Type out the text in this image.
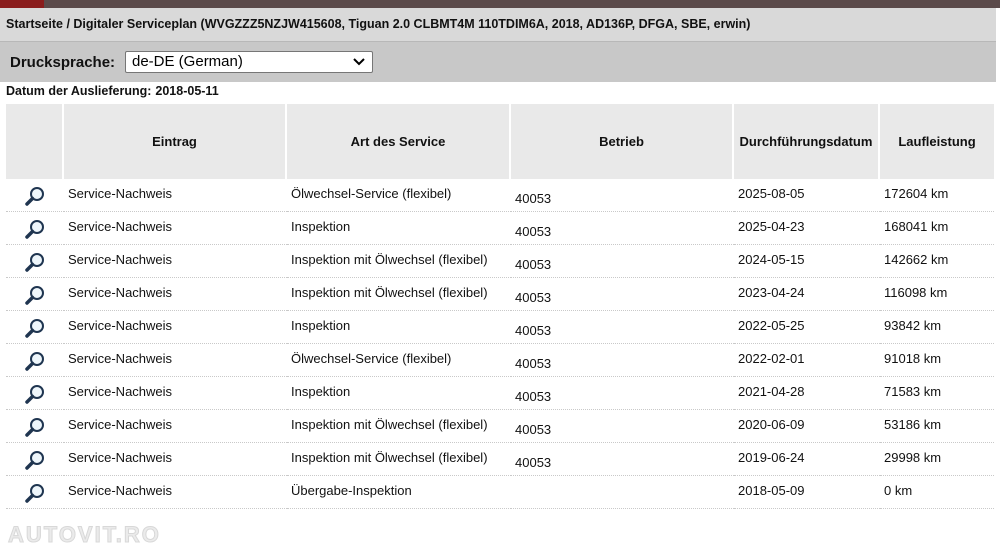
Startseite / Digitaler Serviceplan (WVGZZZ5NZJW415608, Tiguan 2.0 CLBMT4M 110TDIM6A, 2018, AD136P, DFGA, SBE, erwin)
Drucksprache: de-DE (German)
Datum der Auslieferung: 2018-05-11
	Eintrag	Art des Service	Betrieb	Durchführungsdatum	Laufleistung
	Service-Nachweis	Ölwechsel-Service (flexibel)	40053	2025-08-05	172604 km
	Service-Nachweis	Inspektion	40053	2025-04-23	168041 km
	Service-Nachweis	Inspektion mit Ölwechsel (flexibel)	40053	2024-05-15	142662 km
	Service-Nachweis	Inspektion mit Ölwechsel (flexibel)	40053	2023-04-24	116098 km
	Service-Nachweis	Inspektion	40053	2022-05-25	93842 km
	Service-Nachweis	Ölwechsel-Service (flexibel)	40053	2022-02-01	91018 km
	Service-Nachweis	Inspektion	40053	2021-04-28	71583 km
	Service-Nachweis	Inspektion mit Ölwechsel (flexibel)	40053	2020-06-09	53186 km
	Service-Nachweis	Inspektion mit Ölwechsel (flexibel)	40053	2019-06-24	29998 km
	Service-Nachweis	Übergabe-Inspektion		2018-05-09	0 km
AUTOVIT.RO
